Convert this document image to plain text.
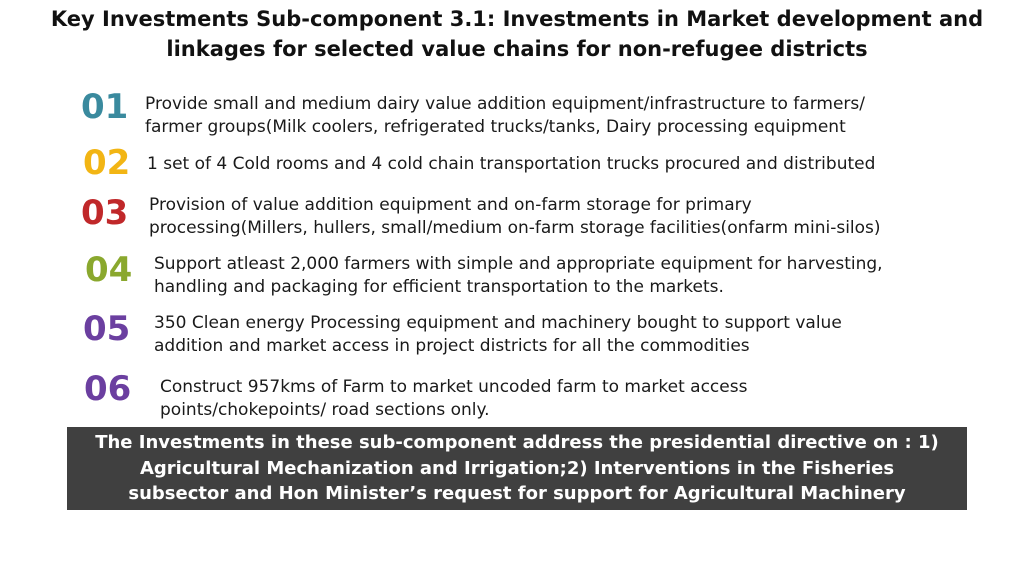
Key Investments Sub-component 3.1: Investments in Market development and
linkages for selected value chains for non-refugee districts
01 Provide small and medium dairy value addition equipment/infrastructure to farmers/
farmer groups(Milk coolers, refrigerated trucks/tanks, Dairy processing equipment
02 1 set of 4 Cold rooms and 4 cold chain transportation trucks procured and distributed
03	Provision of value addition equipment and on-farm storage for primary
processing(Millers, hullers, small/medium on-farm storage facilities(onfarm mini-silos)
04	Support atleast 2,000 farmers with simple and appropriate equipment for harvesting,
handling and packaging for efficient transportation to the markets.
05	350 Clean energy Processing equipment and machinery bought to support value
addition and market access in project districts for all the commodities
06	Construct 957kms of Farm to market uncoded farm to market access
points/chokepoints/ road sections only.
The Investments in these sub-component address the presidential directive on : 1)
Agricultural Mechanization and Irrigation;2) Interventions in the Fisheries
subsector and Hon Minister’s request for support for Agricultural Machinery
